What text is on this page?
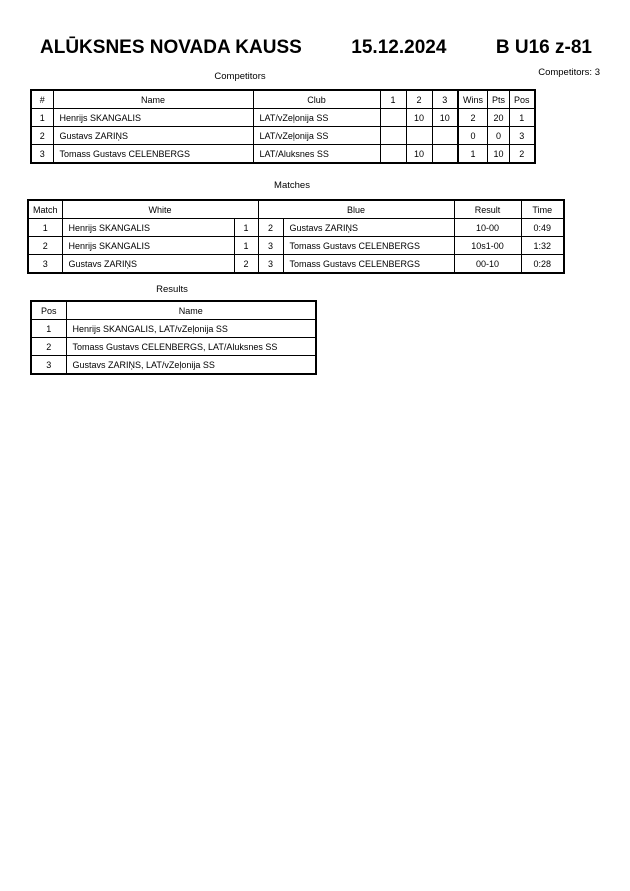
ALŪKSNES NOVADA KAUSS	15.12.2024	B U16 z-81
Competitors: 3
Competitors
#	Name	Club	1	2	3	Wins	Pts	Pos
1	Henrijs SKANGALIS	LAT/vZeļonija SS		10	10	2	20	1
2	Gustavs ZARIŅS	LAT/vZeļonija SS				0	0	3
3	Tomass Gustavs CELENBERGS	LAT/Aluksnes SS		10		1	10	2
Matches
Match	White		Blue		Result	Time
1	Henrijs SKANGALIS	1	2	Gustavs ZARIŅS	10-00	0:49
2	Henrijs SKANGALIS	1	3	Tomass Gustavs CELENBERGS	10s1-00	1:32
3	Gustavs ZARIŅS	2	3	Tomass Gustavs CELENBERGS	00-10	0:28
Results
Pos	Name
1	Henrijs SKANGALIS, LAT/vZeļonija SS
2	Tomass Gustavs CELENBERGS, LAT/Aluksnes SS
3	Gustavs ZARIŅS, LAT/vZeļonija SS
